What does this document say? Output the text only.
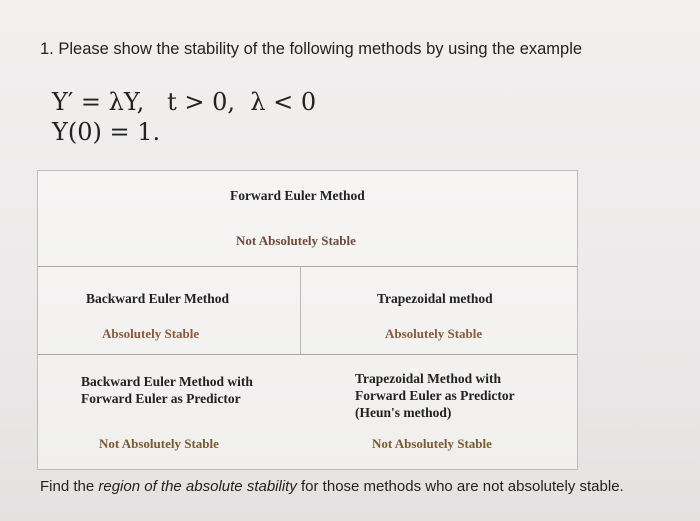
1. Please show the stability of the following methods by using the example
Y′ = λY,   t > 0,  λ < 0
Y(0) = 1.
Forward Euler Method
Not Absolutely Stable
Backward Euler Method
Absolutely Stable
Trapezoidal method
Absolutely Stable
Backward Euler Method with
Forward Euler as Predictor
Not Absolutely Stable
Trapezoidal Method with
Forward Euler as Predictor
(Heun's method)
Not Absolutely Stable
Find the region of the absolute stability for those methods who are not absolutely stable.
